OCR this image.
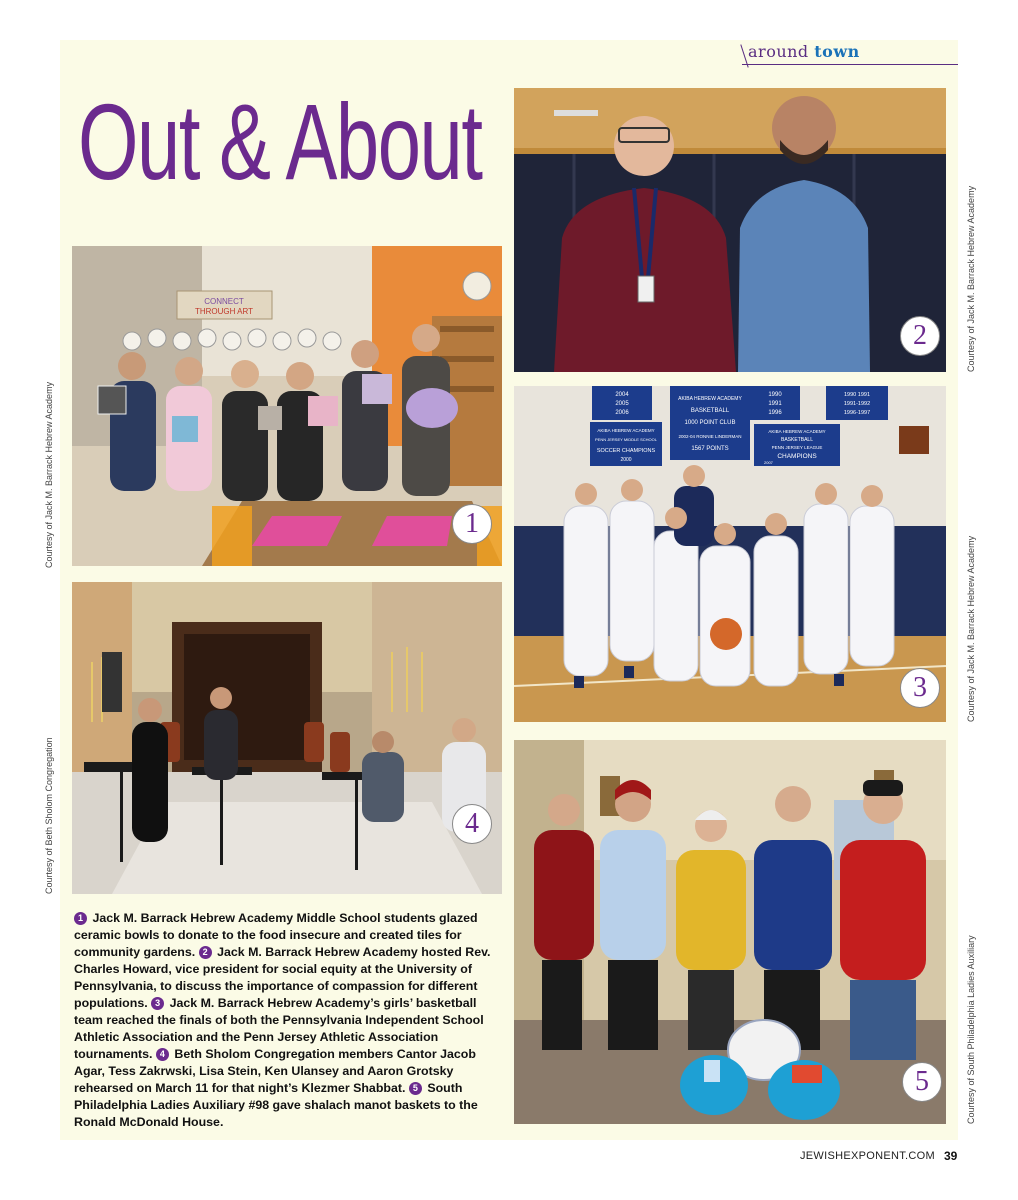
around town
Out & About
CONNECT
THROUGH ART
1
2
2004
2005
2006
AKIBA HEBREW ACADEMY
BASKETBALL
1000 POINT CLUB
2002-04 RONNIE LINDERMAN
1567 POINTS
1990
1991
1996
1990 1991
1991-1992
1996-1997
AKIBA HEBREW ACADEMY
PENN JERSEY MIDDLE SCHOOL
SOCCER CHAMPIONS
2000
AKIBA HEBREW ACADEMY
BASKETBALL
PENN JERSEY LEAGUE
CHAMPIONS
2007
3
4
5
Courtesy of Jack M. Barrack Hebrew Academy
Courtesy of Jack M. Barrack Hebrew Academy
Courtesy of Jack M. Barrack Hebrew Academy
Courtesy of Beth Sholom Congregation
Courtesy of South Philadelphia Ladies Auxiliary
1 Jack M. Barrack Hebrew Academy Middle School students glazed ceramic bowls to donate to the food insecure and created tiles for community gardens. 2 Jack M. Barrack Hebrew Academy hosted Rev. Charles Howard, vice president for social equity at the University of Pennsylvania, to discuss the importance of compassion for different populations. 3 Jack M. Barrack Hebrew Academy’s girls’ basketball team reached the finals of both the Pennsylvania Independent School Athletic Association and the Penn Jersey Athletic Association tournaments. 4 Beth Sholom Congregation members Cantor Jacob Agar, Tess Zakrwski, Lisa Stein, Ken Ulansey and Aaron Grotsky rehearsed on March 11 for that night’s Klezmer Shabbat. 5 South Philadelphia Ladies Auxiliary #98 gave shalach manot baskets to the Ronald McDonald House.
JEWISHEXPONENT.COM 39
